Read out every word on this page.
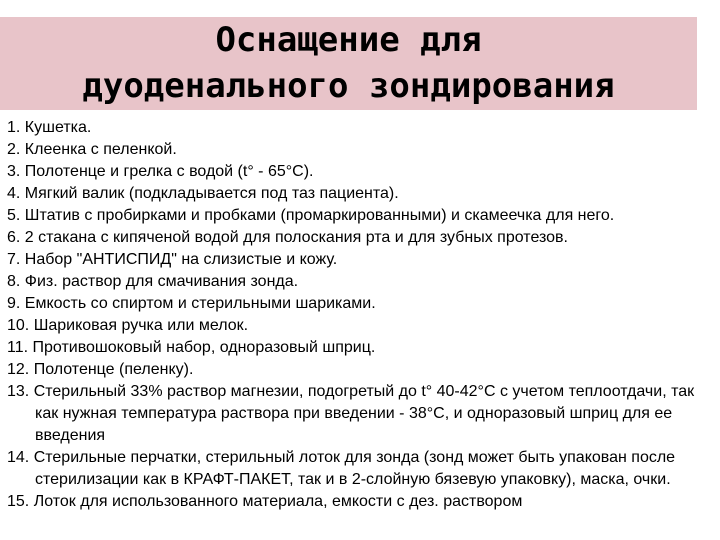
Оснащение для
дуоденального зондирования

1. Кушетка.

2. Клеенка с пеленкой.

3. Полотенце и грелка с водой (t° - 65°С).

4. Мягкий валик (подкладывается под таз пациента).

5. Штатив с пробирками и пробками (промаркированными) и скамеечка для него.

6. 2 стакана с кипяченой водой для полоскания рта и для зубных протезов.

7. Набор "АНТИСПИД" на слизистые и кожу.

8. Физ. раствор для смачивания зонда.

9. Емкость со спиртом и стерильными шариками.

10. Шариковая ручка или мелок.

11. Противошоковый набор, одноразовый шприц.

12. Полотенце (пеленку).

13. Стерильный 33% раствор магнезии, подогретый до t° 40-42°С с учетом теплоотдачи, так как нужная температура раствора при введении - 38°С, и одноразовый шприц для ее введения

14. Стерильные перчатки, стерильный лоток для зонда (зонд может быть упакован после стерилизации как в КРАФТ-ПАКЕТ, так и в 2-слойную бязевую упаковку), маска, очки.

15. Лоток для использованного материала, емкости с дез. раствором
